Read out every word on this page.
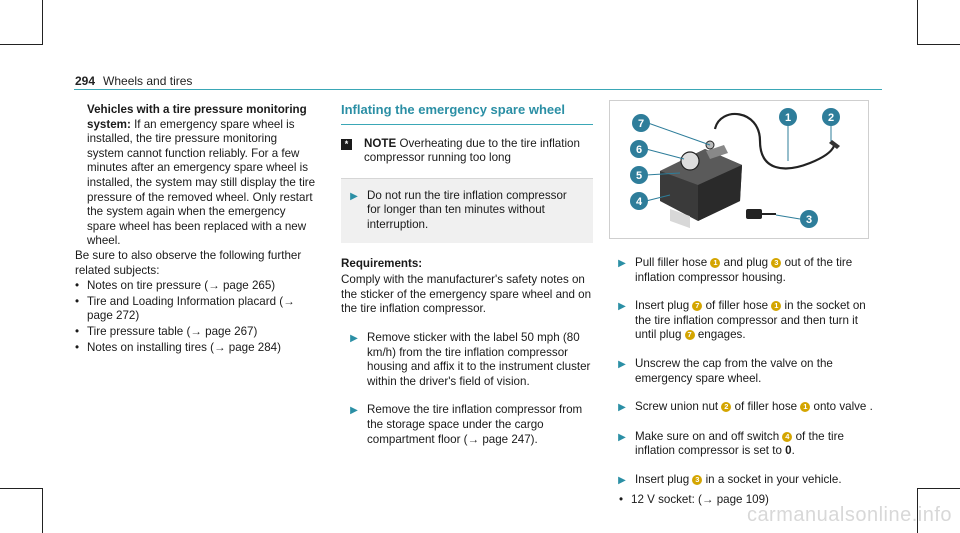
294 Wheels and tires

Vehicles with a tire pressure monitoring system: If an emergency spare wheel is installed, the tire pressure monitoring system cannot function reliably. For a few minutes after an emergency spare wheel is installed, the system may still display the tire pressure of the removed wheel. Only restart the system again when the emergency spare wheel has been replaced with a new wheel.

Be sure to also observe the following further related subjects:

• Notes on tire pressure (→ page 265)
• Tire and Loading Information placard (→ page 272)
• Tire pressure table (→ page 267)
• Notes on installing tires (→ page 284)
Inflating the emergency spare wheel
*	NOTE Overheating due to the tire inflation compressor running too long
▶ Do not run the tire inflation compressor for longer than ten minutes without interruption.

Requirements:

Comply with the manufacturer's safety notes on the sticker of the emergency spare wheel and on the tire inflation compressor.

▶ Remove sticker with the label 50 mph (80 km/h) from the tire inflation compressor housing and affix it to the instrument cluster within the driver's field of vision.
▶ Remove the tire inflation compressor from the storage space under the cargo compartment floor (→ page 247).
7
6
5
4
1	2
3
▶ Pull filler hose 1 and plug 3 out of the tire inflation compressor housing.
▶ Insert plug 7 of filler hose 1 in the socket on the tire inflation compressor and then turn it until plug 7 engages.
▶ Unscrew the cap from the valve on the emergency spare wheel.
▶ Screw union nut 2 of filler hose 1 onto valve .
▶ Make sure on and off switch 4 of the tire inflation compressor is set to 0.
▶ Insert plug 3 in a socket in your vehicle.
• 12 V socket: (→ page 109)
carmanualsonline.info
